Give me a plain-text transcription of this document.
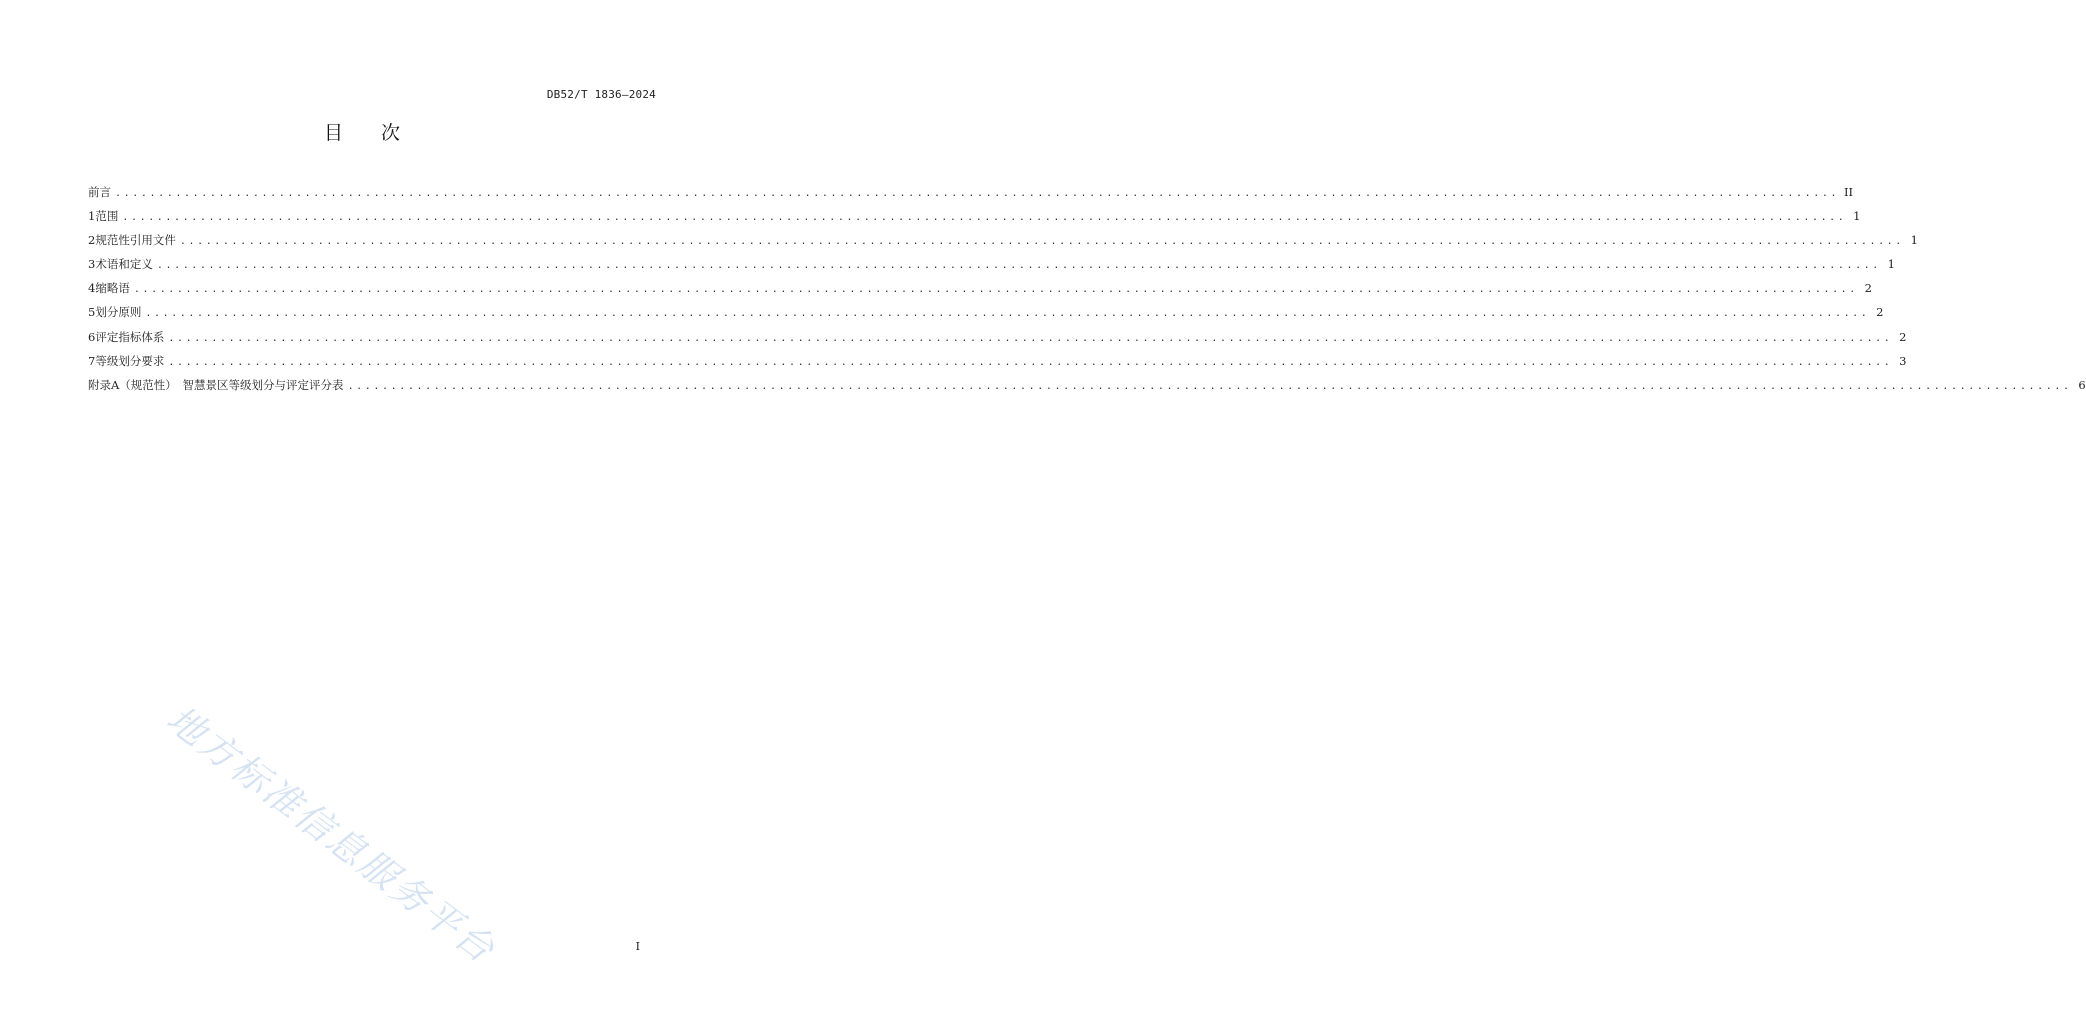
DB52/T 1836—2024
目 次
前言 ........................................................................................................................................................................................................ II
1 范围 ........................................................................................................................................................................................................ 1
2 规范性引用文件 ........................................................................................................................................................................................................ 1
3 术语和定义 ........................................................................................................................................................................................................ 1
4 缩略语 ........................................................................................................................................................................................................ 2
5 划分原则 ........................................................................................................................................................................................................ 2
6 评定指标体系 ........................................................................................................................................................................................................ 2
7 等级划分要求 ........................................................................................................................................................................................................ 3
附录A（规范性）　智慧景区等级划分与评定评分表 ........................................................................................................................................................................................................ 6
地方标准信息服务平台	I
